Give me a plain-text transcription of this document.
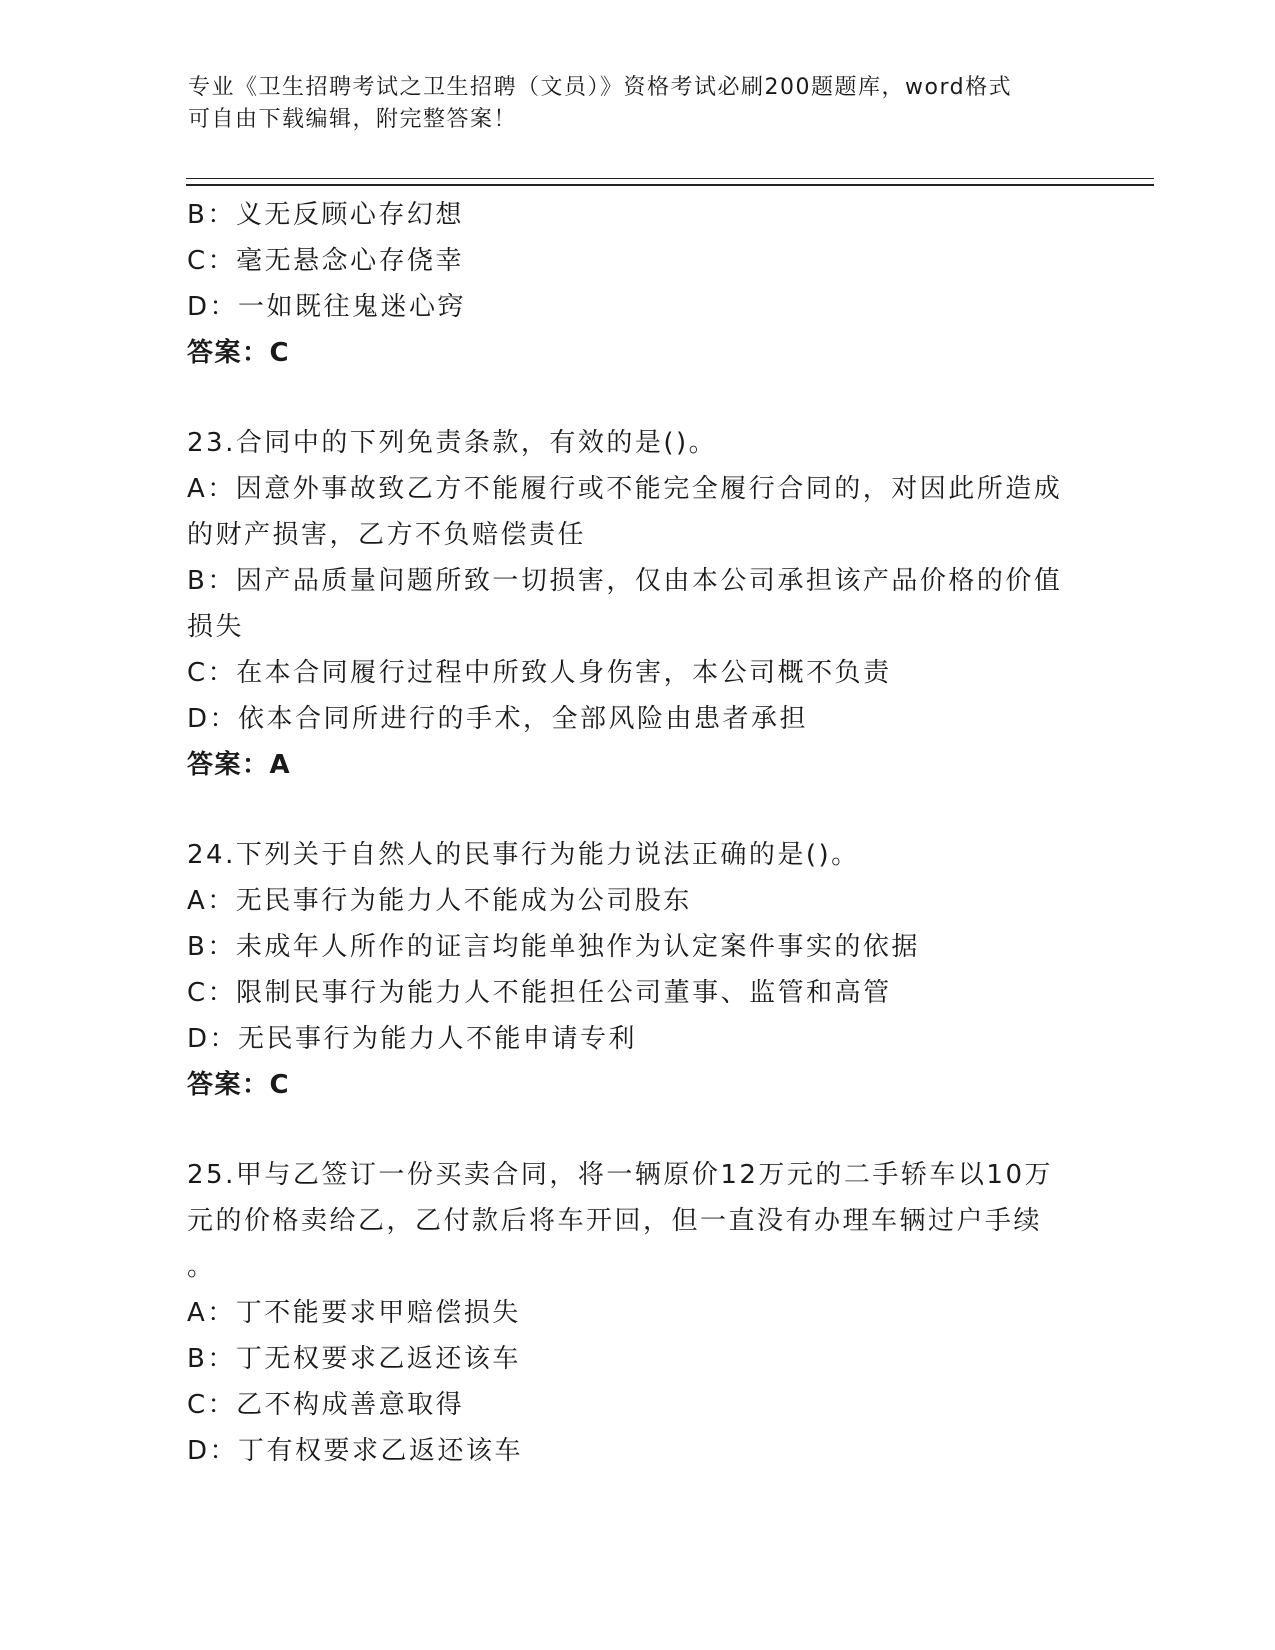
专业《卫生招聘考试之卫生招聘（文员）》资格考试必刷200题题库，word格式
可自由下载编辑，附完整答案！
B：义无反顾心存幻想
C：毫无悬念心存侥幸
D：一如既往鬼迷心窍
答案：C
23.合同中的下列免责条款，有效的是()。
A：因意外事故致乙方不能履行或不能完全履行合同的，对因此所造成
的财产损害，乙方不负赔偿责任
B：因产品质量问题所致一切损害，仅由本公司承担该产品价格的价值
损失
C：在本合同履行过程中所致人身伤害，本公司概不负责
D：依本合同所进行的手术，全部风险由患者承担
答案：A
24.下列关于自然人的民事行为能力说法正确的是()。
A：无民事行为能力人不能成为公司股东
B：未成年人所作的证言均能单独作为认定案件事实的依据
C：限制民事行为能力人不能担任公司董事、监管和高管
D：无民事行为能力人不能申请专利
答案：C
25.甲与乙签订一份买卖合同，将一辆原价12万元的二手轿车以10万
元的价格卖给乙，乙付款后将车开回，但一直没有办理车辆过户手续
。
A：丁不能要求甲赔偿损失
B：丁无权要求乙返还该车
C：乙不构成善意取得
D：丁有权要求乙返还该车
